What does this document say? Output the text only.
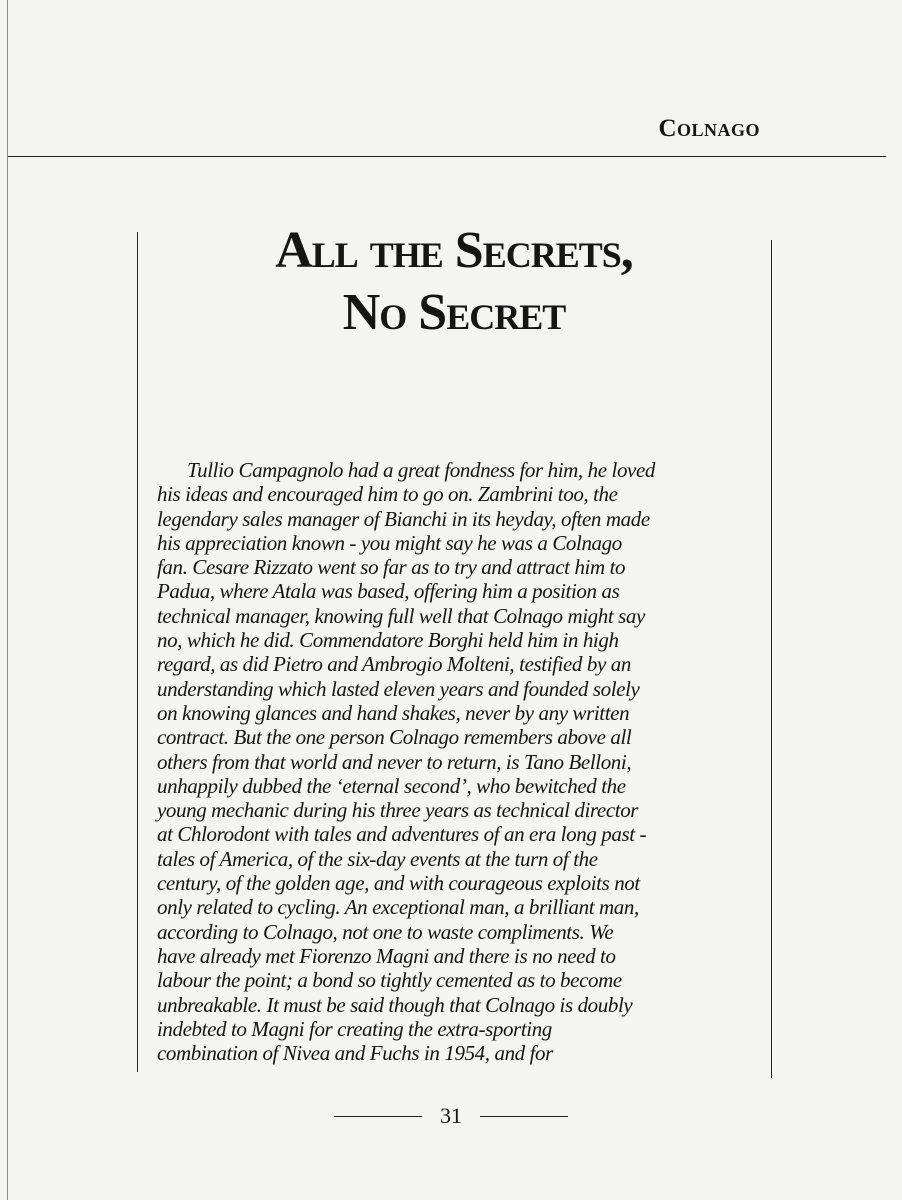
Colnago
All the Secrets,
No Secret
Tullio Campagnolo had a great fondness for him, he loved
his ideas and encouraged him to go on. Zambrini too, the
legendary sales manager of Bianchi in its heyday, often made
his appreciation known - you might say he was a Colnago
fan. Cesare Rizzato went so far as to try and attract him to
Padua, where Atala was based, offering him a position as
technical manager, knowing full well that Colnago might say
no, which he did. Commendatore Borghi held him in high
regard, as did Pietro and Ambrogio Molteni, testified by an
understanding which lasted eleven years and founded solely
on knowing glances and hand shakes, never by any written
contract. But the one person Colnago remembers above all
others from that world and never to return, is Tano Belloni,
unhappily dubbed the ‘eternal second’, who bewitched the
young mechanic during his three years as technical director
at Chlorodont with tales and adventures of an era long past -
tales of America, of the six-day events at the turn of the
century, of the golden age, and with courageous exploits not
only related to cycling. An exceptional man, a brilliant man,
according to Colnago, not one to waste compliments. We
have already met Fiorenzo Magni and there is no need to
labour the point; a bond so tightly cemented as to become
unbreakable. It must be said though that Colnago is doubly
indebted to Magni for creating the extra-sporting
combination of Nivea and Fuchs in 1954, and for
31
